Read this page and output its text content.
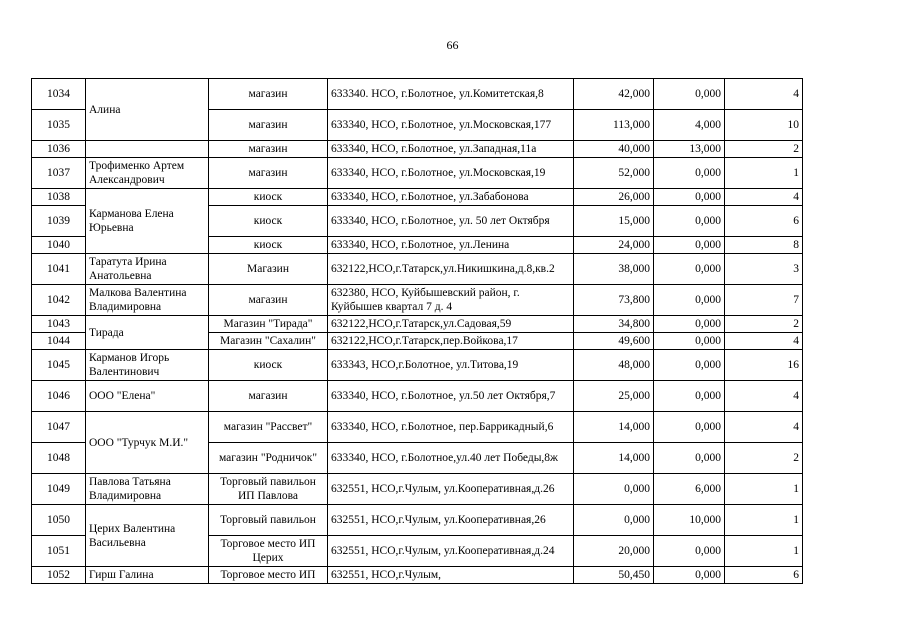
66
1034	Алина	магазин	633340. НСО, г.Болотное, ул.Комитетская,8	42,000	0,000	4
1035		магазин	633340, НСО, г.Болотное, ул.Московская,177	113,000	4,000	10
1036		магазин	633340, НСО, г.Болотное, ул.Западная,11а	40,000	13,000	2
1037	Трофименко Артем Александрович	магазин	633340, НСО, г.Болотное, ул.Московская,19	52,000	0,000	1
1038	Карманова Елена Юрьевна	киоск	633340, НСО, г.Болотное, ул.Забабонова	26,000	0,000	4
1039		киоск	633340, НСО, г.Болотное, ул. 50 лет Октября	15,000	0,000	6
1040		киоск	633340, НСО, г.Болотное, ул.Ленина	24,000	0,000	8
1041	Таратута Ирина Анатольевна	Магазин	632122,НСО,г.Татарск,ул.Никишкина,д.8,кв.2	38,000	0,000	3
1042	Малкова Валентина Владимировна	магазин	632380, НСО, Куйбышевский район, г. Куйбышев квартал 7 д. 4	73,800	0,000	7
1043	Тирада	Магазин "Тирада"	632122,НСО,г.Татарск,ул.Садовая,59	34,800	0,000	2
1044		Магазин "Сахалин"	632122,НСО,г.Татарск,пер.Войкова,17	49,600	0,000	4
1045	Карманов Игорь Валентинович	киоск	633343, НСО,г.Болотное, ул.Титова,19	48,000	0,000	16
1046	ООО "Елена"	магазин	633340, НСО, г.Болотное, ул.50 лет Октября,7	25,000	0,000	4
1047	ООО "Турчук М.И."	магазин "Рассвет"	633340, НСО, г.Болотное, пер.Баррикадный,6	14,000	0,000	4
1048		магазин "Родничок"	633340, НСО, г.Болотное,ул.40 лет Победы,8ж	14,000	0,000	2
1049	Павлова Татьяна Владимировна	Торговый павильон ИП Павлова	632551, НСО,г.Чулым, ул.Кооперативная,д.26	0,000	6,000	1
1050	Церих Валентина Васильевна	Торговый павильон	632551, НСО,г.Чулым, ул.Кооперативная,26	0,000	10,000	1
1051		Торговое место ИП Церих	632551, НСО,г.Чулым, ул.Кооперативная,д.24	20,000	0,000	1
1052	Гирш Галина	Торговое место ИП	632551, НСО,г.Чулым,	50,450	0,000	6
